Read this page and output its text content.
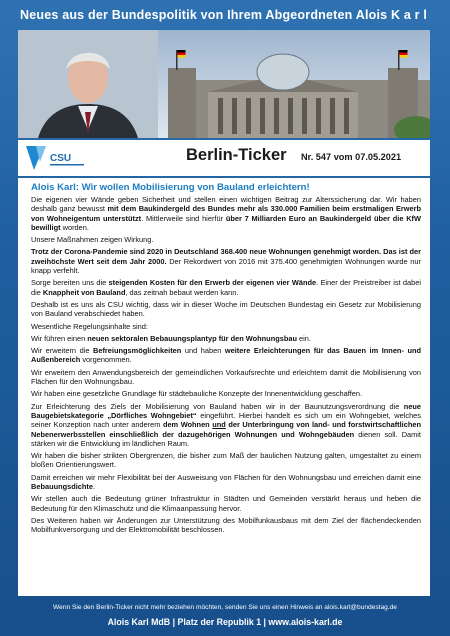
Neues aus der Bundespolitik von Ihrem Abgeordneten Alois K a r l
CSU	Berlin-Ticker Nr. 547 vom 07.05.2021
Alois Karl: Wir wollen Mobilisierung von Bauland erleichtern!

Die eigenen vier Wände geben Sicherheit und stellen einen wichtigen Beitrag zur Alterssicherung dar. Wir haben deshalb ganz bewusst mit dem Baukindergeld des Bundes mehr als 330.000 Familien beim erstmaligen Erwerb von Wohneigentum unterstützt. Mittlerweile sind hierfür über 7 Milliarden Euro an Baukindergeld über die KfW bewilligt worden.

Unsere Maßnahmen zeigen Wirkung.

Trotz der Corona-Pandemie sind 2020 in Deutschland 368.400 neue Wohnungen genehmigt worden. Das ist der zweihöchste Wert seit dem Jahr 2000. Der Rekordwert von 2016 mit 375.400 genehmigten Wohnungen wurde nur knapp verfehlt.

Sorge bereiten uns die steigenden Kosten für den Erwerb der eigenen vier Wände. Einer der Preistreiber ist dabei die Knappheit von Bauland, das zeitnah bebaut werden kann.

Deshalb ist es uns als CSU wichtig, dass wir in dieser Woche im Deutschen Bundestag ein Gesetz zur Mobilisierung von Bauland verabschiedet haben.

Wesentliche Regelungsinhalte sind:

Wir führen einen neuen sektoralen Bebauungsplantyp für den Wohnungsbau ein.

Wir erweitern die Befreiungsmöglichkeiten und haben weitere Erleichterungen für das Bauen im Innen- und Außenbereich vorgenommen.

Wir erweitern den Anwendungsbereich der gemeindlichen Vorkaufsrechte und erleichtern damit die Mobilisierung von Flächen für den Wohnungsbau.

Wir haben eine gesetzliche Grundlage für städtebauliche Konzepte der Innenentwicklung geschaffen.

Zur Erleichterung des Ziels der Mobilisierung von Bauland haben wir in der Baunutzungsverordnung die neue Baugebietskategorie „Dörfliches Wohngebiet“ eingeführt. Hierbei handelt es sich um ein Wohngebiet, welches seiner Konzeption nach unter anderem dem Wohnen und der Unterbringung von land- und forstwirtschaftlichen Nebenerwerbsstellen einschließlich der dazugehörigen Wohnungen und Wohngebäuden dienen soll. Damit stärken wir die Entwicklung im ländlichen Raum.

Wir haben die bisher strikten Obergrenzen, die bisher zum Maß der baulichen Nutzung galten, umgestaltet zu einem bloßen Orientierungswert.

Damit erreichen wir mehr Flexibilität bei der Ausweisung von Flächen für den Wohnungsbau und erreichen damit eine Bebauungsdichte.

Wir stellen auch die Bedeutung grüner Infrastruktur in Städten und Gemeinden verstärkt heraus und heben die Bedeutung für den Klimaschutz und die Klimaanpassung hervor.

Des Weiteren haben wir Änderungen zur Unterstützung des Mobilfunkausbaus mit dem Ziel der flächendeckenden Mobilfunkversorgung und der Elektromobilität beschlossen.

Wenn Sie den Berlin-Ticker nicht mehr beziehen möchten, senden Sie uns einen Hinweis an alois.karl@bundestag.de
Alois Karl MdB | Platz der Republik 1 | www.alois-karl.de
